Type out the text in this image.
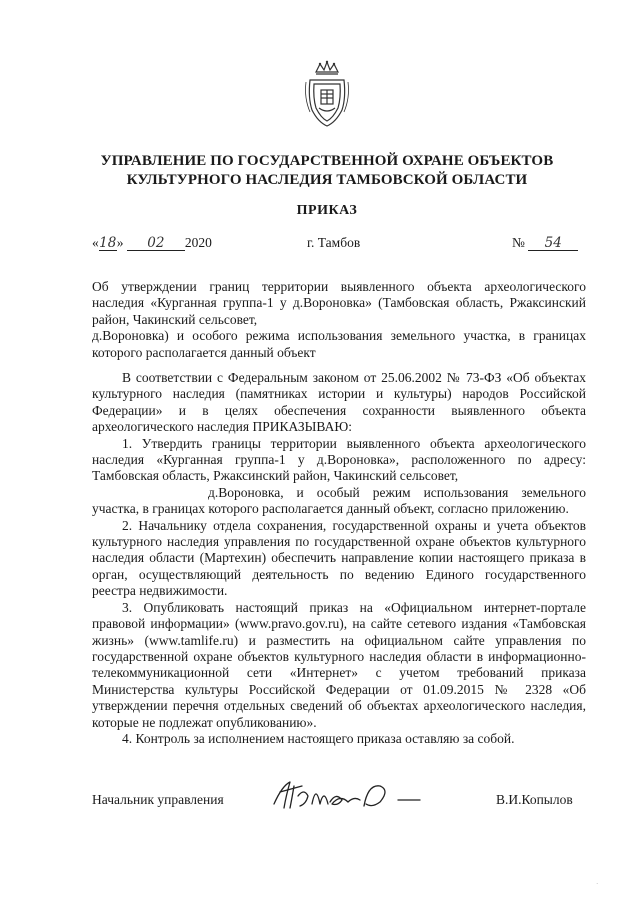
УПРАВЛЕНИЕ ПО ГОСУДАРСТВЕННОЙ ОХРАНЕ ОБЪЕКТОВ
КУЛЬТУРНОГО НАСЛЕДИЯ ТАМБОВСКОЙ ОБЛАСТИ
ПРИКАЗ
«18» 02 2020	г. Тамбов	№ 54

Об утверждении границ территории выявленного объекта археологического наследия «Курганная группа-1 у д.Вороновка» (Тамбовская область, Ржаксинский район, Чакинский сельсовет,

д.Вороновка) и особого режима использования земельного участка, в границах которого располагается данный объект

В соответствии с Федеральным законом от 25.06.2002 № 73-ФЗ «Об объектах культурного наследия (памятниках истории и культуры) народов Российской Федерации» и в целях обеспечения сохранности выявленного объекта археологического наследия ПРИКАЗЫВАЮ:

1. Утвердить границы территории выявленного объекта археологического наследия «Курганная группа-1 у д.Вороновка», расположенного по адресу: Тамбовская область, Ржаксинский район, Чакинский сельсовет,

д.Вороновка, и особый режим использования земельного участка, в границах которого располагается данный объект, согласно приложению.

2. Начальнику отдела сохранения, государственной охраны и учета объектов культурного наследия управления по государственной охране объектов культурного наследия области (Мартехин) обеспечить направление копии настоящего приказа в орган, осуществляющий деятельность по ведению Единого государственного реестра недвижимости.

3. Опубликовать настоящий приказ на «Официальном интернет-портале правовой информации» (www.pravo.gov.ru), на сайте сетевого издания «Тамбовская жизнь» (www.tamlife.ru) и разместить на официальном сайте управления по государственной охране объектов культурного наследия области в информационно-телекоммуникационной сети «Интернет» с учетом требований приказа Министерства культуры Российской Федерации от 01.09.2015 № 2328 «Об утверждении перечня отдельных сведений об объектах археологического наследия, которые не подлежат опубликованию».

4. Контроль за исполнением настоящего приказа оставляю за собой.

Начальник управления	В.И.Копылов
·
